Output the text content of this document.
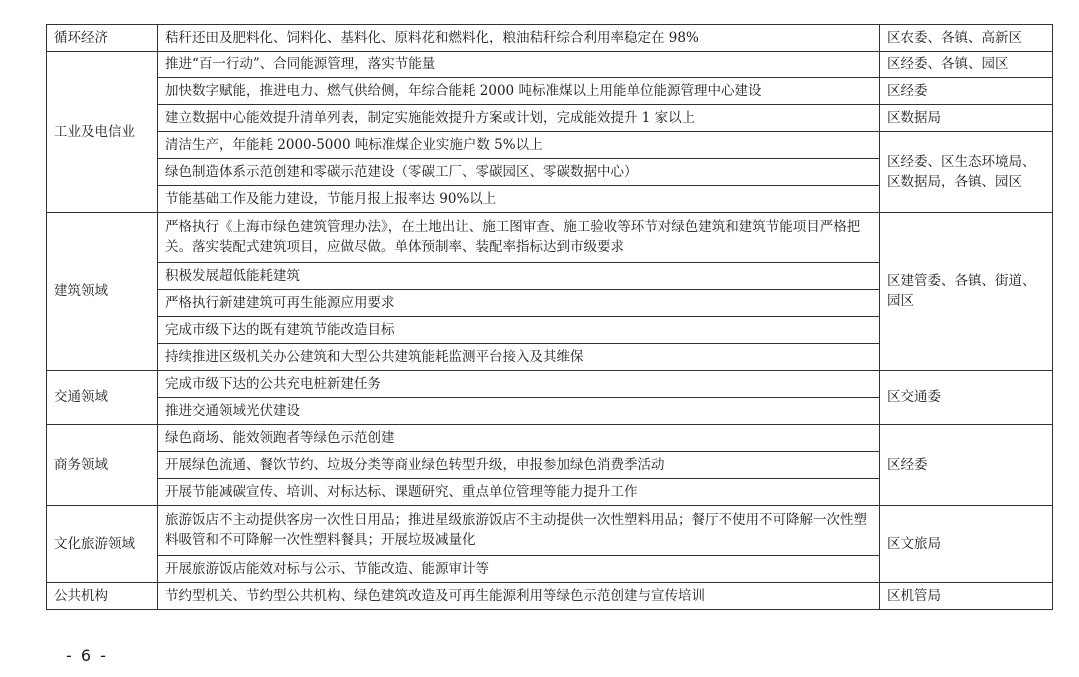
循环经济	秸秆还田及肥料化、饲料化、基料化、原料花和燃料化，粮油秸秆综合利用率稳定在 98%	区农委、各镇、高新区
工业及电信业	推进“百一行动”、合同能源管理，落实节能量	区经委、各镇、园区
	加快数字赋能，推进电力、燃气供给侧，年综合能耗 2000 吨标准煤以上用能单位能源管理中心建设	区经委
	建立数据中心能效提升清单列表，制定实施能效提升方案或计划，完成能效提升 1 家以上	区数据局
	清洁生产，年能耗 2000-5000 吨标准煤企业实施户数 5%以上	区经委、区生态环境局、区数据局，各镇、园区
	绿色制造体系示范创建和零碳示范建设（零碳工厂、零碳园区、零碳数据中心）	
	节能基础工作及能力建设，节能月报上报率达 90%以上	
建筑领域	严格执行《上海市绿色建筑管理办法》，在土地出让、施工图审查、施工验收等环节对绿色建筑和建筑节能项目严格把关。落实装配式建筑项目，应做尽做。单体预制率、装配率指标达到市级要求	区建管委、各镇、街道、园区
	积极发展超低能耗建筑	
	严格执行新建建筑可再生能源应用要求	
	完成市级下达的既有建筑节能改造目标	
	持续推进区级机关办公建筑和大型公共建筑能耗监测平台接入及其维保	
交通领域	完成市级下达的公共充电桩新建任务	区交通委
	推进交通领域光伏建设	
商务领域	绿色商场、能效领跑者等绿色示范创建	区经委
	开展绿色流通、餐饮节约、垃圾分类等商业绿色转型升级，申报参加绿色消费季活动	
	开展节能减碳宣传、培训、对标达标、课题研究、重点单位管理等能力提升工作	
文化旅游领域	旅游饭店不主动提供客房一次性日用品；推进星级旅游饭店不主动提供一次性塑料用品；餐厅不使用不可降解一次性塑料吸管和不可降解一次性塑料餐具；开展垃圾减量化	区文旅局
	开展旅游饭店能效对标与公示、节能改造、能源审计等	
公共机构	节约型机关、节约型公共机构、绿色建筑改造及可再生能源利用等绿色示范创建与宣传培训	区机管局
- 6 -
